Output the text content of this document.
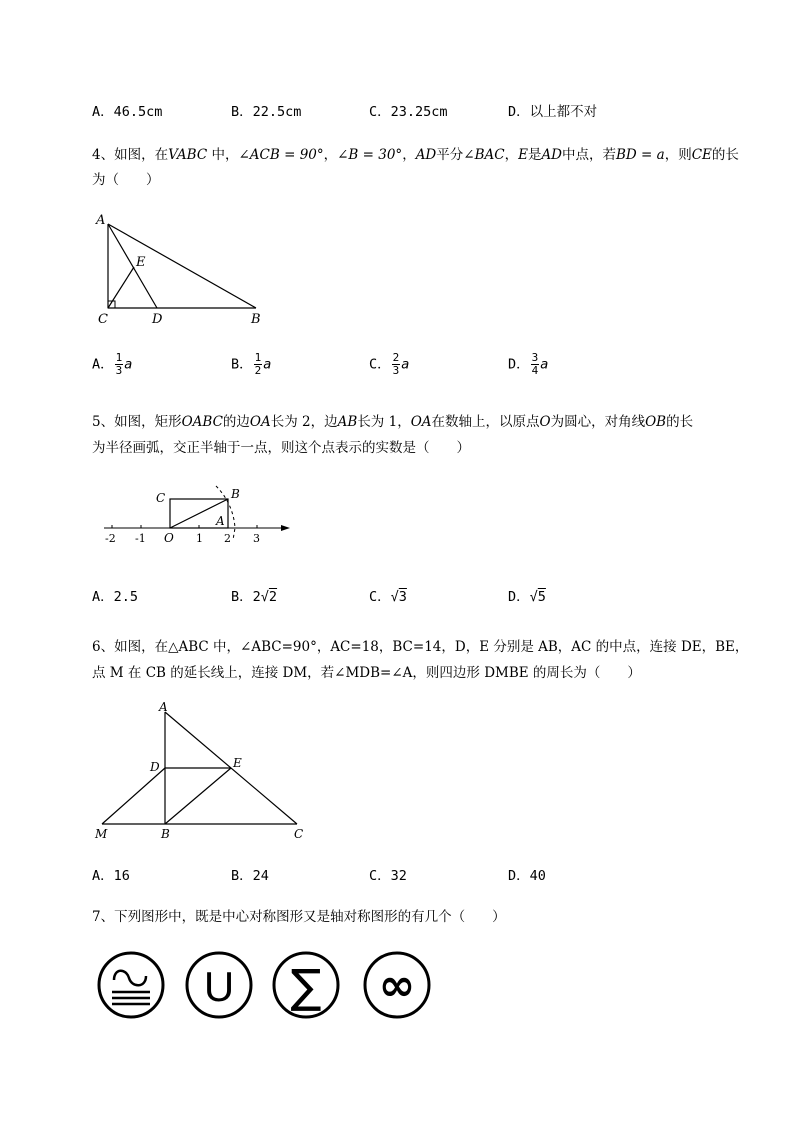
A．46.5cm	B．22.5cm	C．23.25cm	D．以上都不对
4、如图，在VABC 中，∠ACB = 90°，∠B = 30°，AD平分∠BAC，E是AD中点，若BD = a，则CE的长
为（　　）
A
E
C	D	B
A． $\frac{1}{3}$ a	B． $\frac{1}{2}$ a	C． $\frac{2}{3}$ a	D． $\frac{3}{4}$ a
5、如图，矩形OABC的边OA长为 2，边AB长为 1，OA在数轴上，以原点O为圆心，对角线OB的长
为半径画弧，交正半轴于一点，则这个点表示的实数是（　　）
C	B
A
O
-2 -1	1 2 3
A．2.5	B．2√2	C．√3	D．√5
6、如图，在△ABC 中，∠ABC=90°，AC=18，BC=14，D，E 分别是 AB，AC 的中点，连接 DE，BE，
点 M 在 CB 的延长线上，连接 DM，若∠MDB=∠A，则四边形 DMBE 的周长为（　　）
A
D	E
M	B	C
A．16	B．24	C．32	D．40
7、下列图形中，既是中心对称图形又是轴对称图形的有几个（　　）
U ∑ ∞
